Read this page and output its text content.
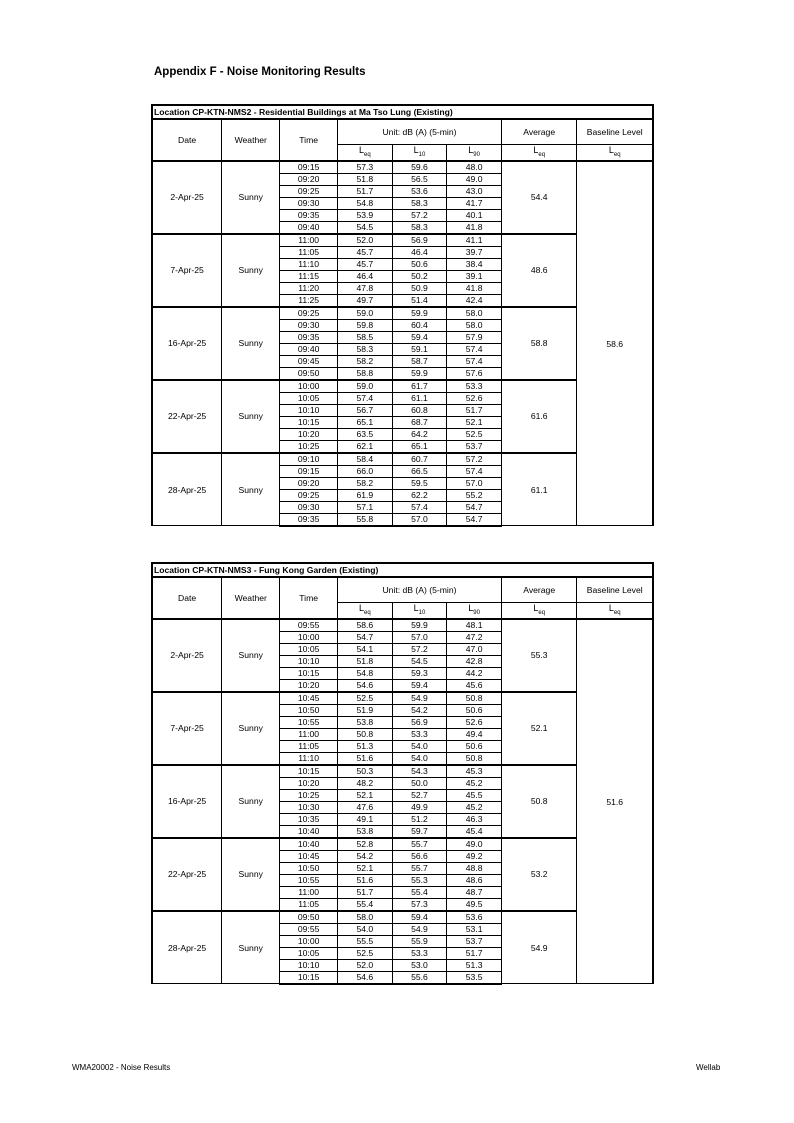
Appendix F - Noise Monitoring Results
Location CP-KTN-NMS2 - Residential Buildings at Ma Tso Lung (Existing)							
Date	Weather	Time	Unit: dB (A) (5-min)			Average	Baseline Level
			$L_{eq}$	$L_{10}$	$L_{90}$	$L_{eq}$	$L_{eq}$
2-Apr-25	Sunny	09:15	57.3	59.6	48.0	54.4	58.6
		09:20	51.8	56.5	49.0		
		09:25	51.7	53.6	43.0		
		09:30	54.8	58.3	41.7		
		09:35	53.9	57.2	40.1		
		09:40	54.5	58.3	41.8		
7-Apr-25	Sunny	11:00	52.0	56.9	41.1	48.6	
		11:05	45.7	46.4	39.7		
		11:10	45.7	50.6	38.4		
		11:15	46.4	50.2	39.1		
		11:20	47.8	50.9	41.8		
		11:25	49.7	51.4	42.4		
16-Apr-25	Sunny	09:25	59.0	59.9	58.0	58.8	
		09:30	59.8	60.4	58.0		
		09:35	58.5	59.4	57.9		
		09:40	58.3	59.1	57.4		
		09:45	58.2	58.7	57.4		
		09:50	58.8	59.9	57.6		
22-Apr-25	Sunny	10:00	59.0	61.7	53.3	61.6	
		10:05	57.4	61.1	52.6		
		10:10	56.7	60.8	51.7		
		10:15	65.1	68.7	52.1		
		10:20	63.5	64.2	52.5		
		10:25	62.1	65.1	53.7		
28-Apr-25	Sunny	09:10	58.4	60.7	57.2	61.1	
		09:15	66.0	66.5	57.4		
		09:20	58.2	59.5	57.0		
		09:25	61.9	62.2	55.2		
		09:30	57.1	57.4	54.7		
		09:35	55.8	57.0	54.7		
Location CP-KTN-NMS3 - Fung Kong Garden (Existing)							
Date	Weather	Time	Unit: dB (A) (5-min)			Average	Baseline Level
			$L_{eq}$	$L_{10}$	$L_{90}$	$L_{eq}$	$L_{eq}$
2-Apr-25	Sunny	09:55	58.6	59.9	48.1	55.3	51.6
		10:00	54.7	57.0	47.2		
		10:05	54.1	57.2	47.0		
		10:10	51.8	54.5	42.8		
		10:15	54.8	59.3	44.2		
		10:20	54.6	59.4	45.6		
7-Apr-25	Sunny	10:45	52.5	54.9	50.8	52.1	
		10:50	51.9	54.2	50.6		
		10:55	53.8	56.9	52.6		
		11:00	50.8	53.3	49.4		
		11:05	51.3	54.0	50.6		
		11:10	51.6	54.0	50.8		
16-Apr-25	Sunny	10:15	50.3	54.3	45.3	50.8	
		10:20	48.2	50.0	45.2		
		10:25	52.1	52.7	45.5		
		10:30	47.6	49.9	45.2		
		10:35	49.1	51.2	46.3		
		10:40	53.8	59.7	45.4		
22-Apr-25	Sunny	10:40	52.8	55.7	49.0	53.2	
		10:45	54.2	56.6	49.2		
		10:50	52.1	55.7	48.8		
		10:55	51.6	55.3	48.6		
		11:00	51.7	55.4	48.7		
		11:05	55.4	57.3	49.5		
28-Apr-25	Sunny	09:50	58.0	59.4	53.6	54.9	
		09:55	54.0	54.9	53.1		
		10:00	55.5	55.9	53.7		
		10:05	52.5	53.3	51.7		
		10:10	52.0	53.0	51.3		
		10:15	54.6	55.6	53.5		
WMA20002 - Noise Results	Wellab
